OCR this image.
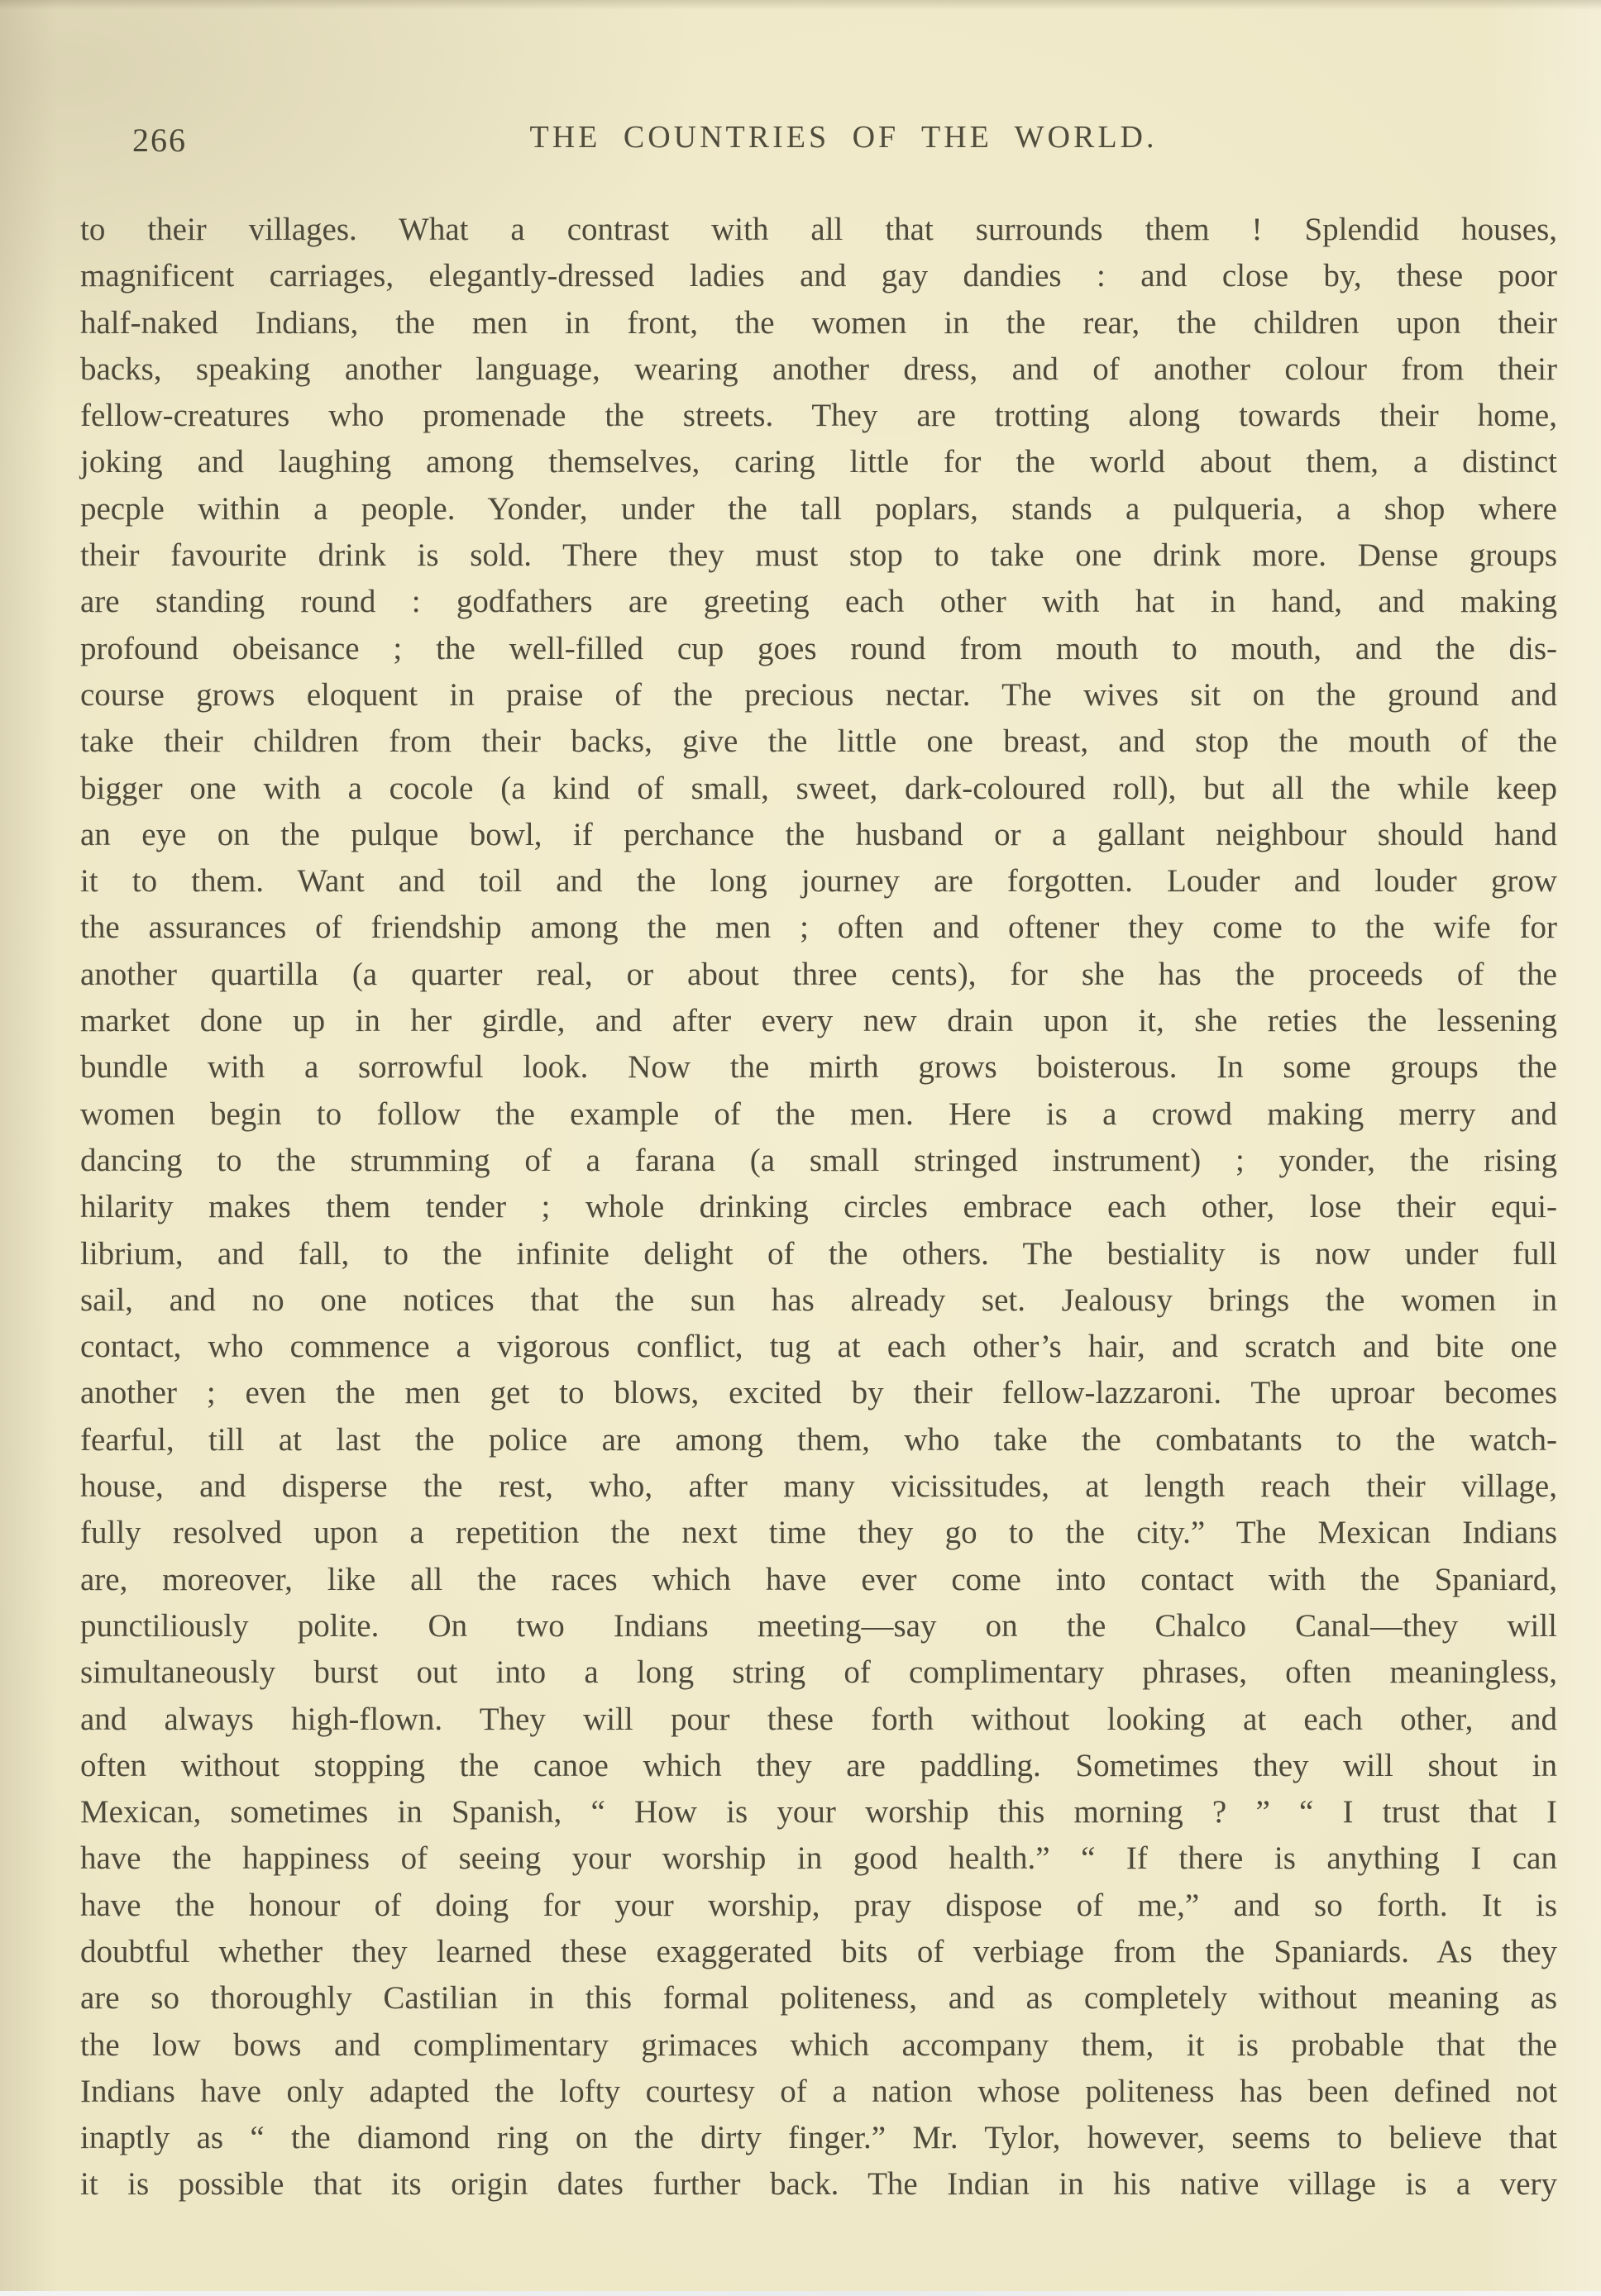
266	THE COUNTRIES OF THE WORLD.
to their villages. What a contrast with all that surrounds them ! Splendid houses,
magnificent carriages, elegantly-dressed ladies and gay dandies : and close by, these poor
half-naked Indians, the men in front, the women in the rear, the children upon their
backs, speaking another language, wearing another dress, and of another colour from their
fellow-creatures who promenade the streets. They are trotting along towards their home,
joking and laughing among themselves, caring little for the world about them, a distinct
pecple within a people. Yonder, under the tall poplars, stands a pulqueria, a shop where
their favourite drink is sold. There they must stop to take one drink more. Dense groups
are standing round : godfathers are greeting each other with hat in hand, and making
profound obeisance ; the well-filled cup goes round from mouth to mouth, and the dis-
course grows eloquent in praise of the precious nectar. The wives sit on the ground and
take their children from their backs, give the little one breast, and stop the mouth of the
bigger one with a cocole (a kind of small, sweet, dark-coloured roll), but all the while keep
an eye on the pulque bowl, if perchance the husband or a gallant neighbour should hand
it to them. Want and toil and the long journey are forgotten. Louder and louder grow
the assurances of friendship among the men ; often and oftener they come to the wife for
another quartilla (a quarter real, or about three cents), for she has the proceeds of the
market done up in her girdle, and after every new drain upon it, she reties the lessening
bundle with a sorrowful look. Now the mirth grows boisterous. In some groups the
women begin to follow the example of the men. Here is a crowd making merry and
dancing to the strumming of a farana (a small stringed instrument) ; yonder, the rising
hilarity makes them tender ; whole drinking circles embrace each other, lose their equi-
librium, and fall, to the infinite delight of the others. The bestiality is now under full
sail, and no one notices that the sun has already set. Jealousy brings the women in
contact, who commence a vigorous conflict, tug at each other’s hair, and scratch and bite one
another ; even the men get to blows, excited by their fellow-lazzaroni. The uproar becomes
fearful, till at last the police are among them, who take the combatants to the watch-
house, and disperse the rest, who, after many vicissitudes, at length reach their village,
fully resolved upon a repetition the next time they go to the city.” The Mexican Indians
are, moreover, like all the races which have ever come into contact with the Spaniard,
punctiliously polite. On two Indians meeting—say on the Chalco Canal—they will
simultaneously burst out into a long string of complimentary phrases, often meaningless,
and always high-flown. They will pour these forth without looking at each other, and
often without stopping the canoe which they are paddling. Sometimes they will shout in
Mexican, sometimes in Spanish, “ How is your worship this morning ? ” “ I trust that I
have the happiness of seeing your worship in good health.” “ If there is anything I can
have the honour of doing for your worship, pray dispose of me,” and so forth. It is
doubtful whether they learned these exaggerated bits of verbiage from the Spaniards. As they
are so thoroughly Castilian in this formal politeness, and as completely without meaning as
the low bows and complimentary grimaces which accompany them, it is probable that the
Indians have only adapted the lofty courtesy of a nation whose politeness has been defined not
inaptly as “ the diamond ring on the dirty finger.” Mr. Tylor, however, seems to believe that
it is possible that its origin dates further back. The Indian in his native village is a very
